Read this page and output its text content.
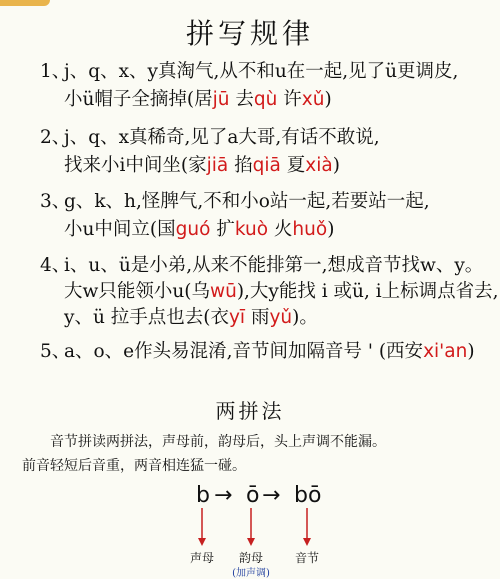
拼写规律
1、j、q、x、y真淘气,从不和u在一起,见了ü更调皮,
小ü帽子全摘掉(居jū 去qù 许xǔ)
2、j、q、x真稀奇,见了a大哥,有话不敢说,
找来小i中间坐(家jiā 掐qiā 夏xià)
3、g、k、h,怪脾气,不和小o站一起,若要站一起,
小u中间立(国guó 扩kuò 火huǒ)
4、i、u、ü是小弟,从来不能排第一,想成音节找w、y。
大w只能领小u(乌wū),大y能找 i 或ü, i上标调点省去,
y、ü 拉手点也去(衣yī 雨yǔ)。
5、a、o、e作头易混淆,音节间加隔音号 ' (西安xi'an)
两拼法
音节拼读两拼法，声母前，韵母后，头上声调不能漏。
前音轻短后音重，两音相连猛一碰。
b → ō → bō
声母 韵母
(加声调)
音节
